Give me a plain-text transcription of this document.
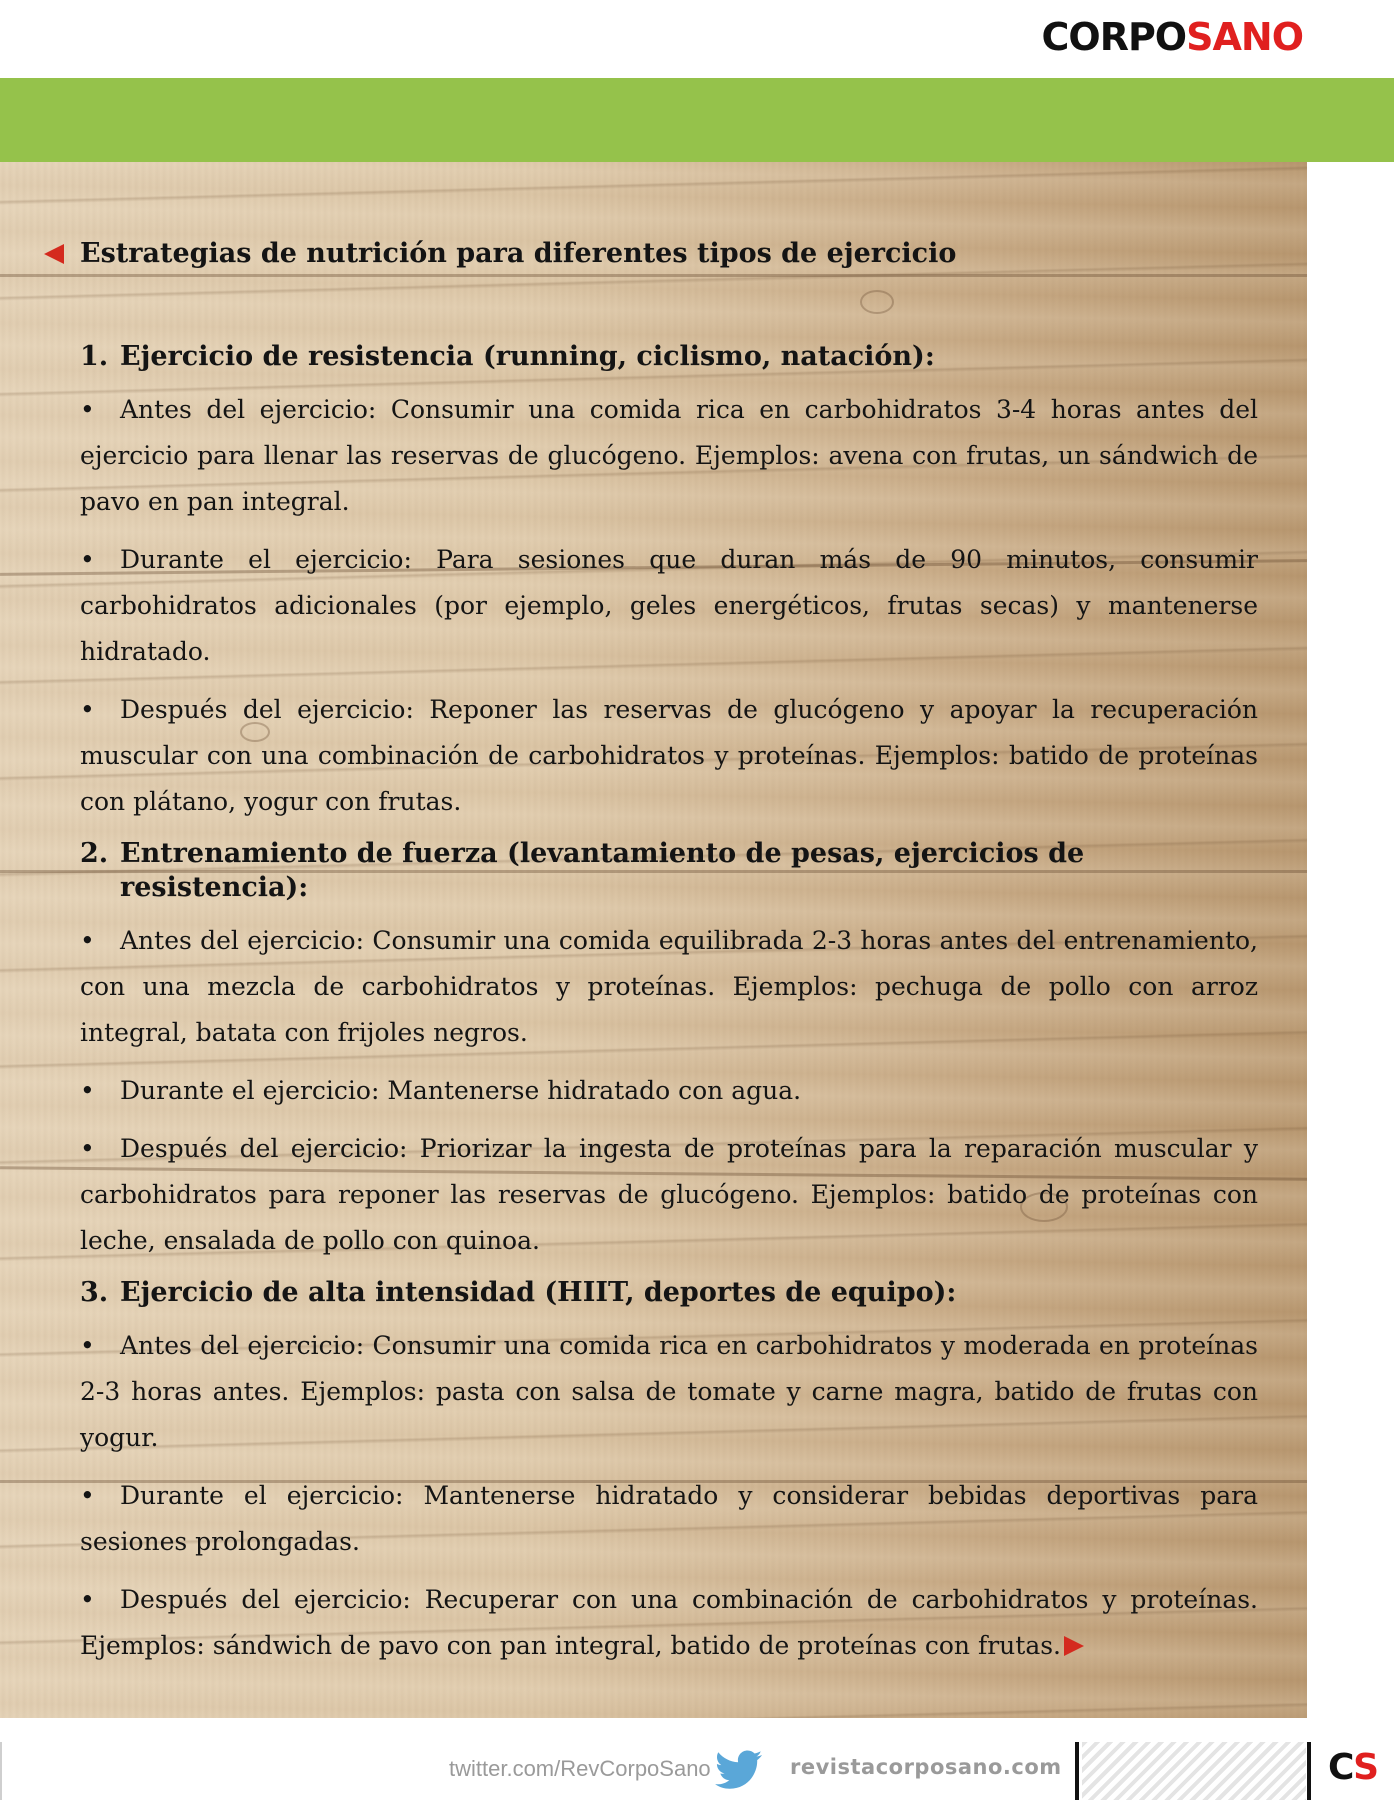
CORPOSANO
Estrategias de nutrición para diferentes tipos de ejercicio
1. Ejercicio de resistencia (running, ciclismo, natación):

• Antes del ejercicio: Consumir una comida rica en carbohidratos 3-4 horas antes del ejercicio para llenar las reservas de glucógeno. Ejemplos: avena con frutas, un sándwich de pavo en pan integral.

• Durante el ejercicio: Para sesiones que duran más de 90 minutos, consumir carbohidratos adicionales (por ejemplo, geles energéticos, frutas secas) y mantenerse hidratado.

• Después del ejercicio: Reponer las reservas de glucógeno y apoyar la recuperación muscular con una combinación de carbohidratos y proteínas. Ejemplos: batido de proteínas con plátano, yogur con frutas.

2. Entrenamiento de fuerza (levantamiento de pesas, ejercicios de resistencia):

• Antes del ejercicio: Consumir una comida equilibrada 2-3 horas antes del entrenamiento, con una mezcla de carbohidratos y proteínas. Ejemplos: pechuga de pollo con arroz integral, batata con frijoles negros.

• Durante el ejercicio: Mantenerse hidratado con agua.

• Después del ejercicio: Priorizar la ingesta de proteínas para la reparación muscular y carbohidratos para reponer las reservas de glucógeno. Ejemplos: batido de proteínas con leche, ensalada de pollo con quinoa.

3. Ejercicio de alta intensidad (HIIT, deportes de equipo):

• Antes del ejercicio: Consumir una comida rica en carbohidratos y moderada en proteínas 2-3 horas antes. Ejemplos: pasta con salsa de tomate y carne magra, batido de frutas con yogur.

• Durante el ejercicio: Mantenerse hidratado y considerar bebidas deportivas para sesiones prolongadas.

• Después del ejercicio: Recuperar con una combinación de carbohidratos y proteínas. Ejemplos: sándwich de pavo con pan integral, batido de proteínas con frutas.

twitter.com/RevCorpoSano	revistacorposano.com	CS
